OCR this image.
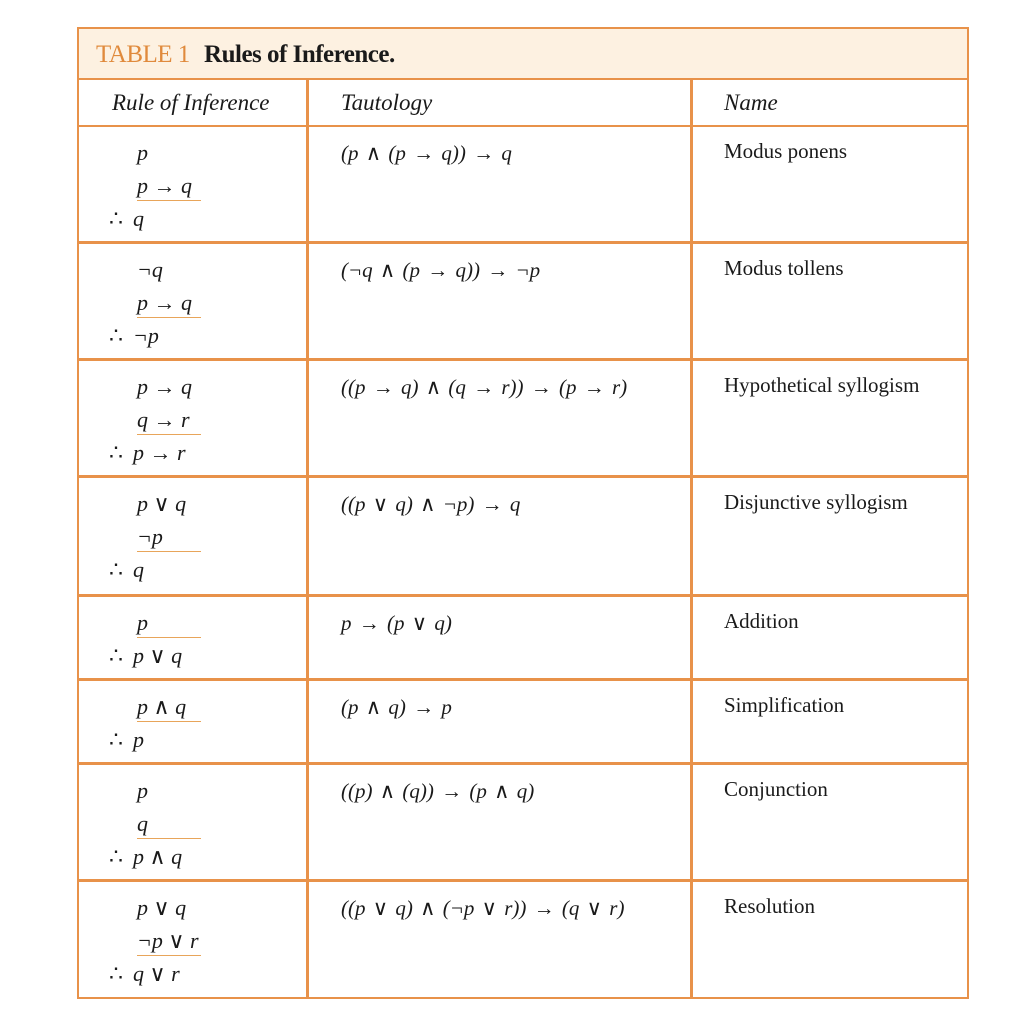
TABLE 1 Rules of Inference.
Rule of Inference	Tautology	Name
p
p → q
∴ q
(p ∧ (p → q)) → q	Modus ponens
¬q
p → q
∴ ¬p
(¬q ∧ (p → q)) → ¬p	Modus tollens
p → q
q → r
∴ p → r
((p → q) ∧ (q → r)) → (p → r)	Hypothetical syllogism
p ∨ q
¬p
∴ q
((p ∨ q) ∧ ¬p) → q	Disjunctive syllogism
p
∴ p ∨ q
p → (p ∨ q)	Addition
p ∧ q
∴ p
(p ∧ q) → p	Simplification
p
q
∴ p ∧ q
((p) ∧ (q)) → (p ∧ q)	Conjunction
p ∨ q
¬p ∨ r
∴ q ∨ r
((p ∨ q) ∧ (¬p ∨ r)) → (q ∨ r)	Resolution
